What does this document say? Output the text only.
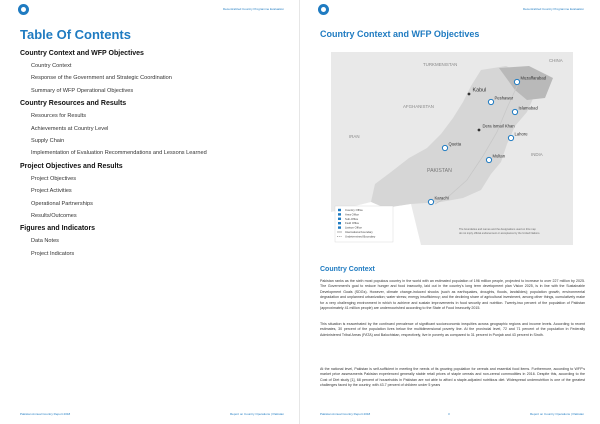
Decentralized Country Programme Evaluation
Table Of Contents
Country Context and WFP Objectives
Country Context
Response of the Government and Strategic Coordination
Summary of WFP Operational Objectives
Country Resources and Results
Resources for Results
Achievements at Country Level
Supply Chain
Implementation of Evaluation Recommendations and Lessons Learned
Project Objectives and Results
Project Objectives
Project Activities
Operational Partnerships
Results/Outcomes
Figures and Indicators
Data Notes
Project Indicators
Pakistan Annual Country Report 2018	Report on Country Operations | Pakistan
Decentralized Country Programme Evaluation
Country Context and WFP Objectives
Pakistan Annual Country Report 2018	3	Report on Country Operations | Pakistan
TURKMENISTAN
AFGHANISTAN
IRAN
PAKISTAN
INDIA
CHINA
Kabul
Peshawar
Muzaffarabad
Islamabad
Dera Ismail Khan
Lahore
Quetta
Multan
Karachi
Country Office
Area Office
Sub-Office
Field Office
Liaison Office
International boundary
Undetermined Boundary
The boundaries and names and the designations used on this map
do not imply official endorsement or acceptance by the United Nations.
Country Context

Pakistan ranks as the sixth most populous country in the world with an estimated population of 196 million people, projected to increase to over 227 million by 2025. The Government's goal to reduce hunger and food insecurity, laid out in the country's long term development plan Vision 2025, is in line with the Sustainable Development Goals (SDGs). However, climate change-induced shocks (such as earthquakes, droughts, floods, landslides); population growth, environmental degradation and unplanned urbanization; water stress; energy insufficiency; and the declining share of agricultural investment, among other things, cumulatively make for a very challenging environment in which to achieve and sustain improvements in food security and nutrition. Twenty-two percent of the population of Pakistan (approximately 41 million people) are undernourished according to the State of Food Insecurity 2015.

This situation is exacerbated by the continued prevalence of significant socioeconomic inequities across geographic regions and income levels. According to recent estimates, 30 percent of the population lives below the multidimensional poverty line. At the provincial level, 72 and 71 percent of the population in Federally Administered Tribal Areas (FATA) and Balochistan, respectively, live in poverty as compared to 31 percent in Punjab and 43 percent in Sindh.

At the national level, Pakistan is self-sufficient in meeting the needs of its growing population for cereals and essential food items. Furthermore, according to WFP's market price assessments Pakistan experienced generally stable retail prices of staple cereals and non-cereal commodities in 2016. Despite this, according to the Cost of Diet study [1], 68 percent of households in Pakistan are not able to afford a staple-adjusted nutritious diet. Widespread undernutrition is one of the greatest challenges faced by the country, with 43.7 percent of children under 5 years
